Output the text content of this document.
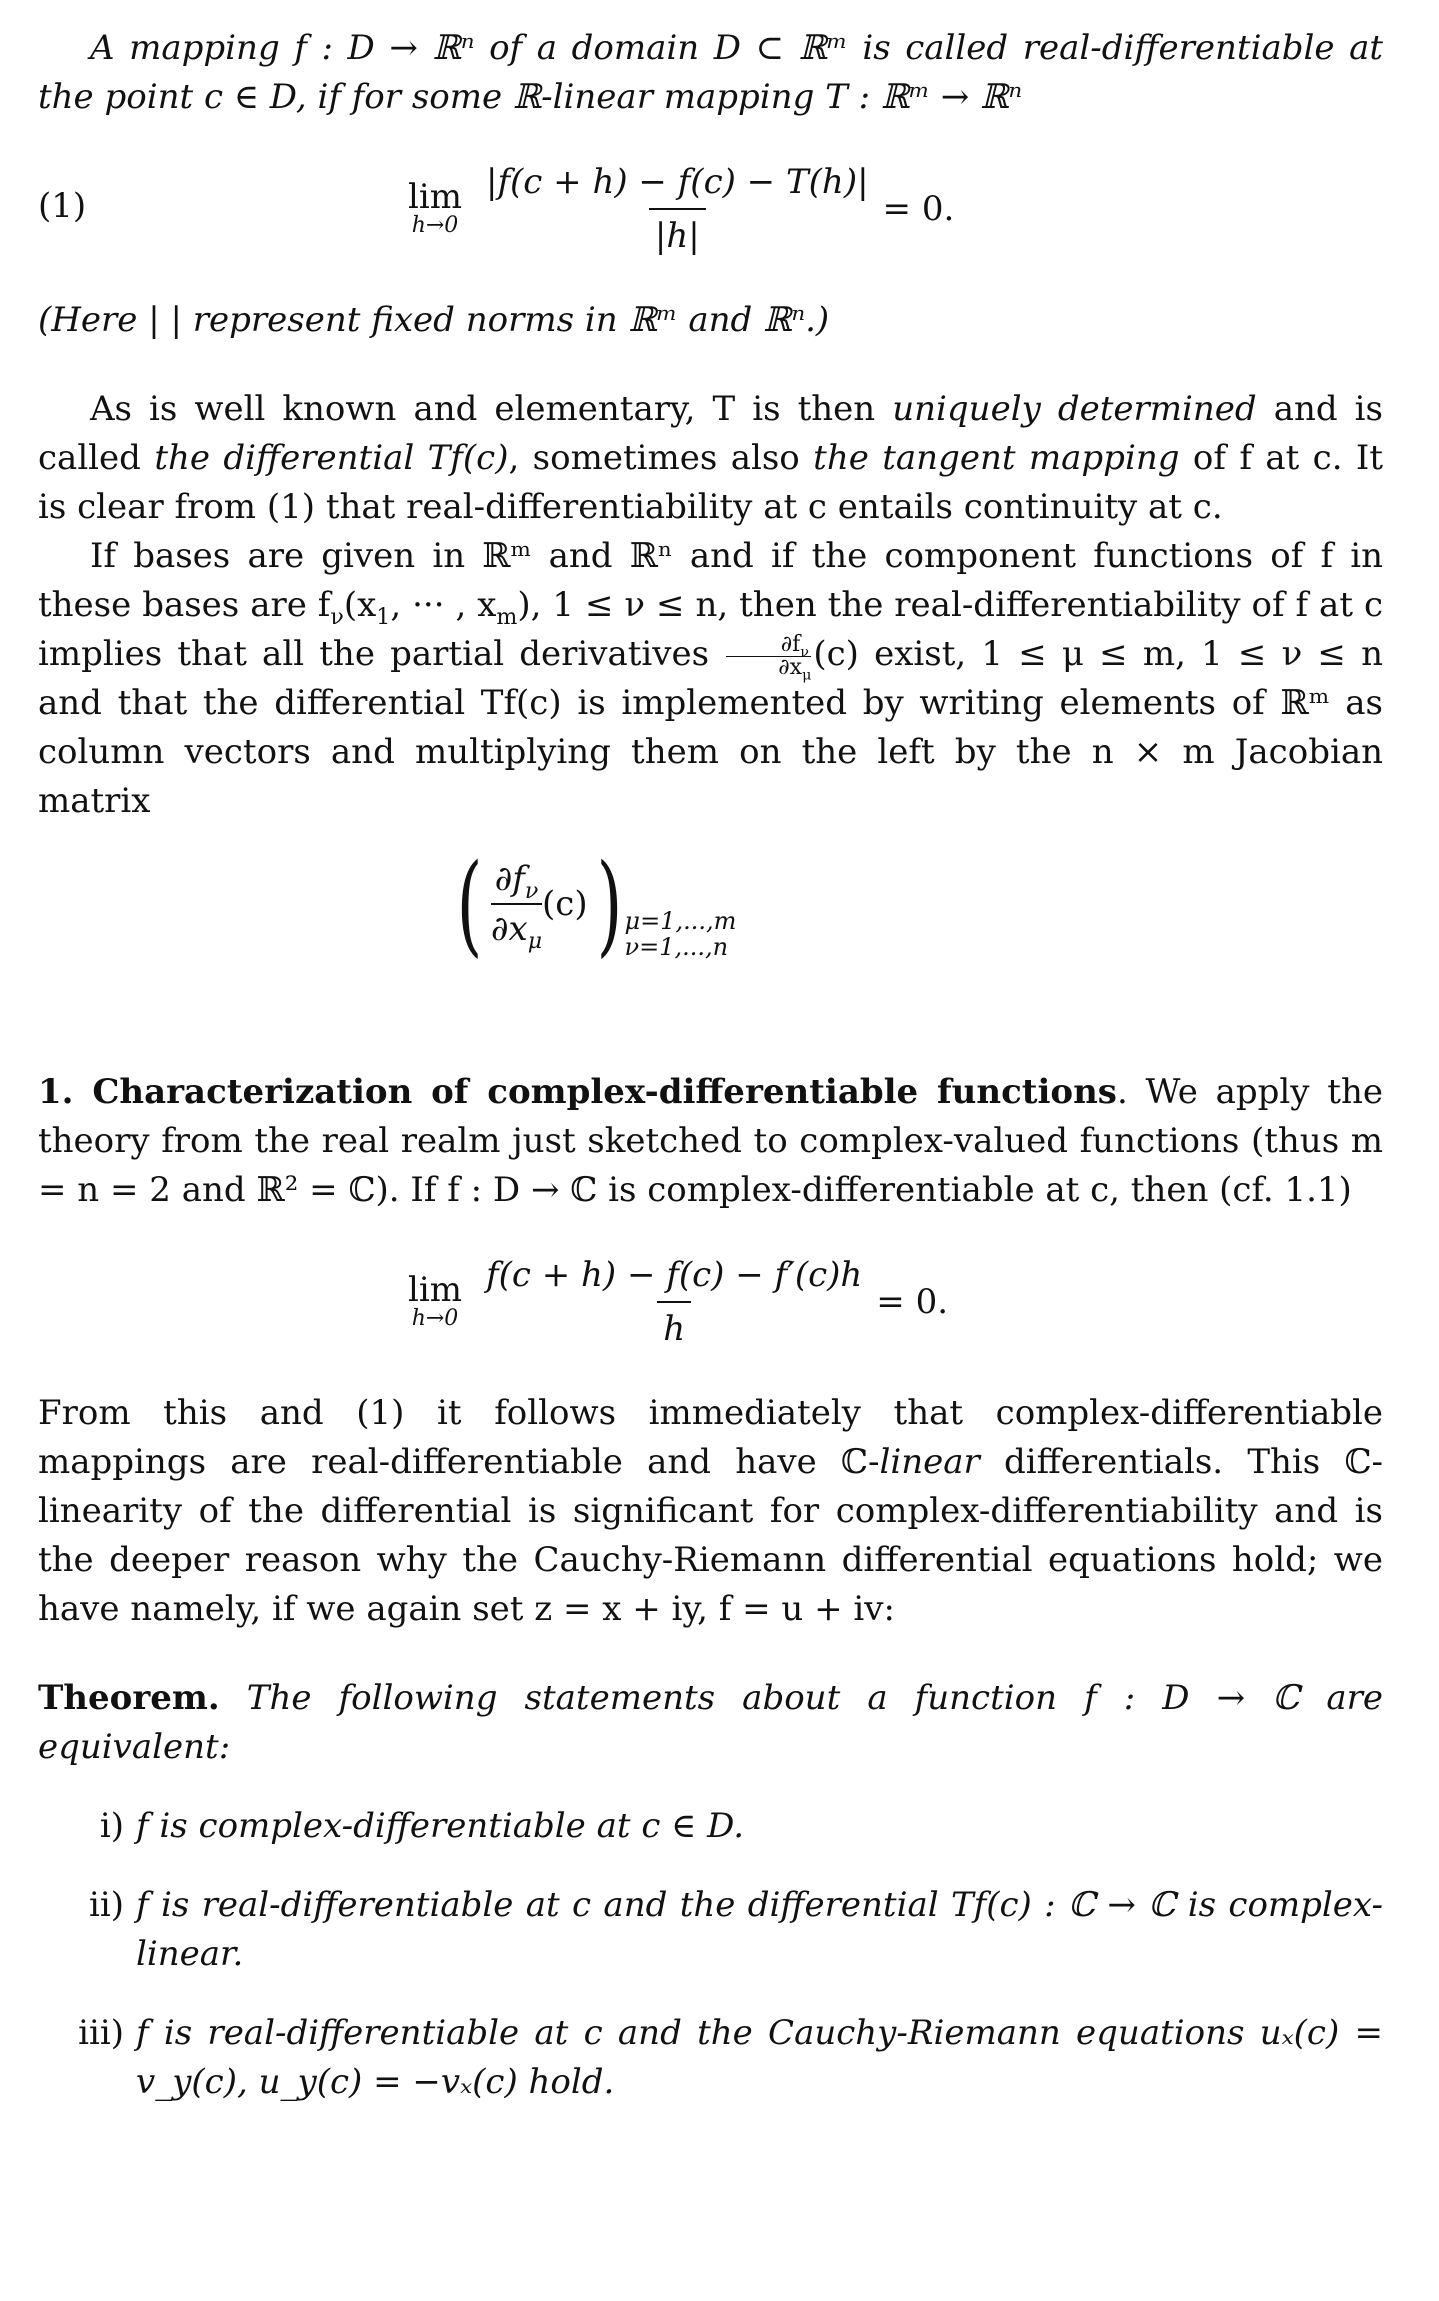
A mapping f : D → ℝⁿ of a domain D ⊂ ℝᵐ is called real-differentiable at the point c ∈ D, if for some ℝ-linear mapping T : ℝᵐ → ℝⁿ

(1)	lim
$h\to 0 \frac{|f(c + h) - f(c) - T(h)|}{|h|} = 0$.

(Here | | represent fixed norms in ℝᵐ and ℝⁿ.)

As is well known and elementary, T is then uniquely determined and is called the differential Tf(c), sometimes also the tangent mapping of f at c. It is clear from (1) that real-differentiability at c entails continuity at c.

If bases are given in ℝᵐ and ℝⁿ and if the component functions of f in these bases are $f_\nu(x_1$, ··· , $x_m$), 1 ≤ ν ≤ n, then the real-differentiability of f at c implies that all the partial derivatives $\frac{\partial f_\nu}{\partial x_\mu} (c)$ exist, 1 ≤ μ ≤ m, 1 ≤ ν ≤ n and that the differential Tf(c) is implemented by writing elements of ℝᵐ as column vectors and multiplying them on the left by the n × m Jacobian matrix

( $\frac{\partial f_\nu}{\partial x_\mu} (c)$ ) μ=1,...,m
ν=1,...,n

1. Characterization of complex-differentiable functions. We apply the theory from the real realm just sketched to complex-valued functions (thus m = n = 2 and ℝ² = ℂ). If f : D → ℂ is complex-differentiable at c, then (cf. 1.1)

lim
$h\to 0 \frac{f(c + h) - f(c) - f'(c)h}{h} = 0$.

From this and (1) it follows immediately that complex-differentiable mappings are real-differentiable and have ℂ-linear differentials. This ℂ-linearity of the differential is significant for complex-differentiability and is the deeper reason why the Cauchy-Riemann differential equations hold; we have namely, if we again set z = x + iy, f = u + iv:

Theorem. The following statements about a function f : D → ℂ are equivalent:

i) f is complex-differentiable at c ∈ D.
ii) f is real-differentiable at c and the differential Tf(c) : ℂ → ℂ is complex-linear.
iii) f is real-differentiable at c and the Cauchy-Riemann equations uₓ(c) = v_y(c), u_y(c) = −vₓ(c) hold.
